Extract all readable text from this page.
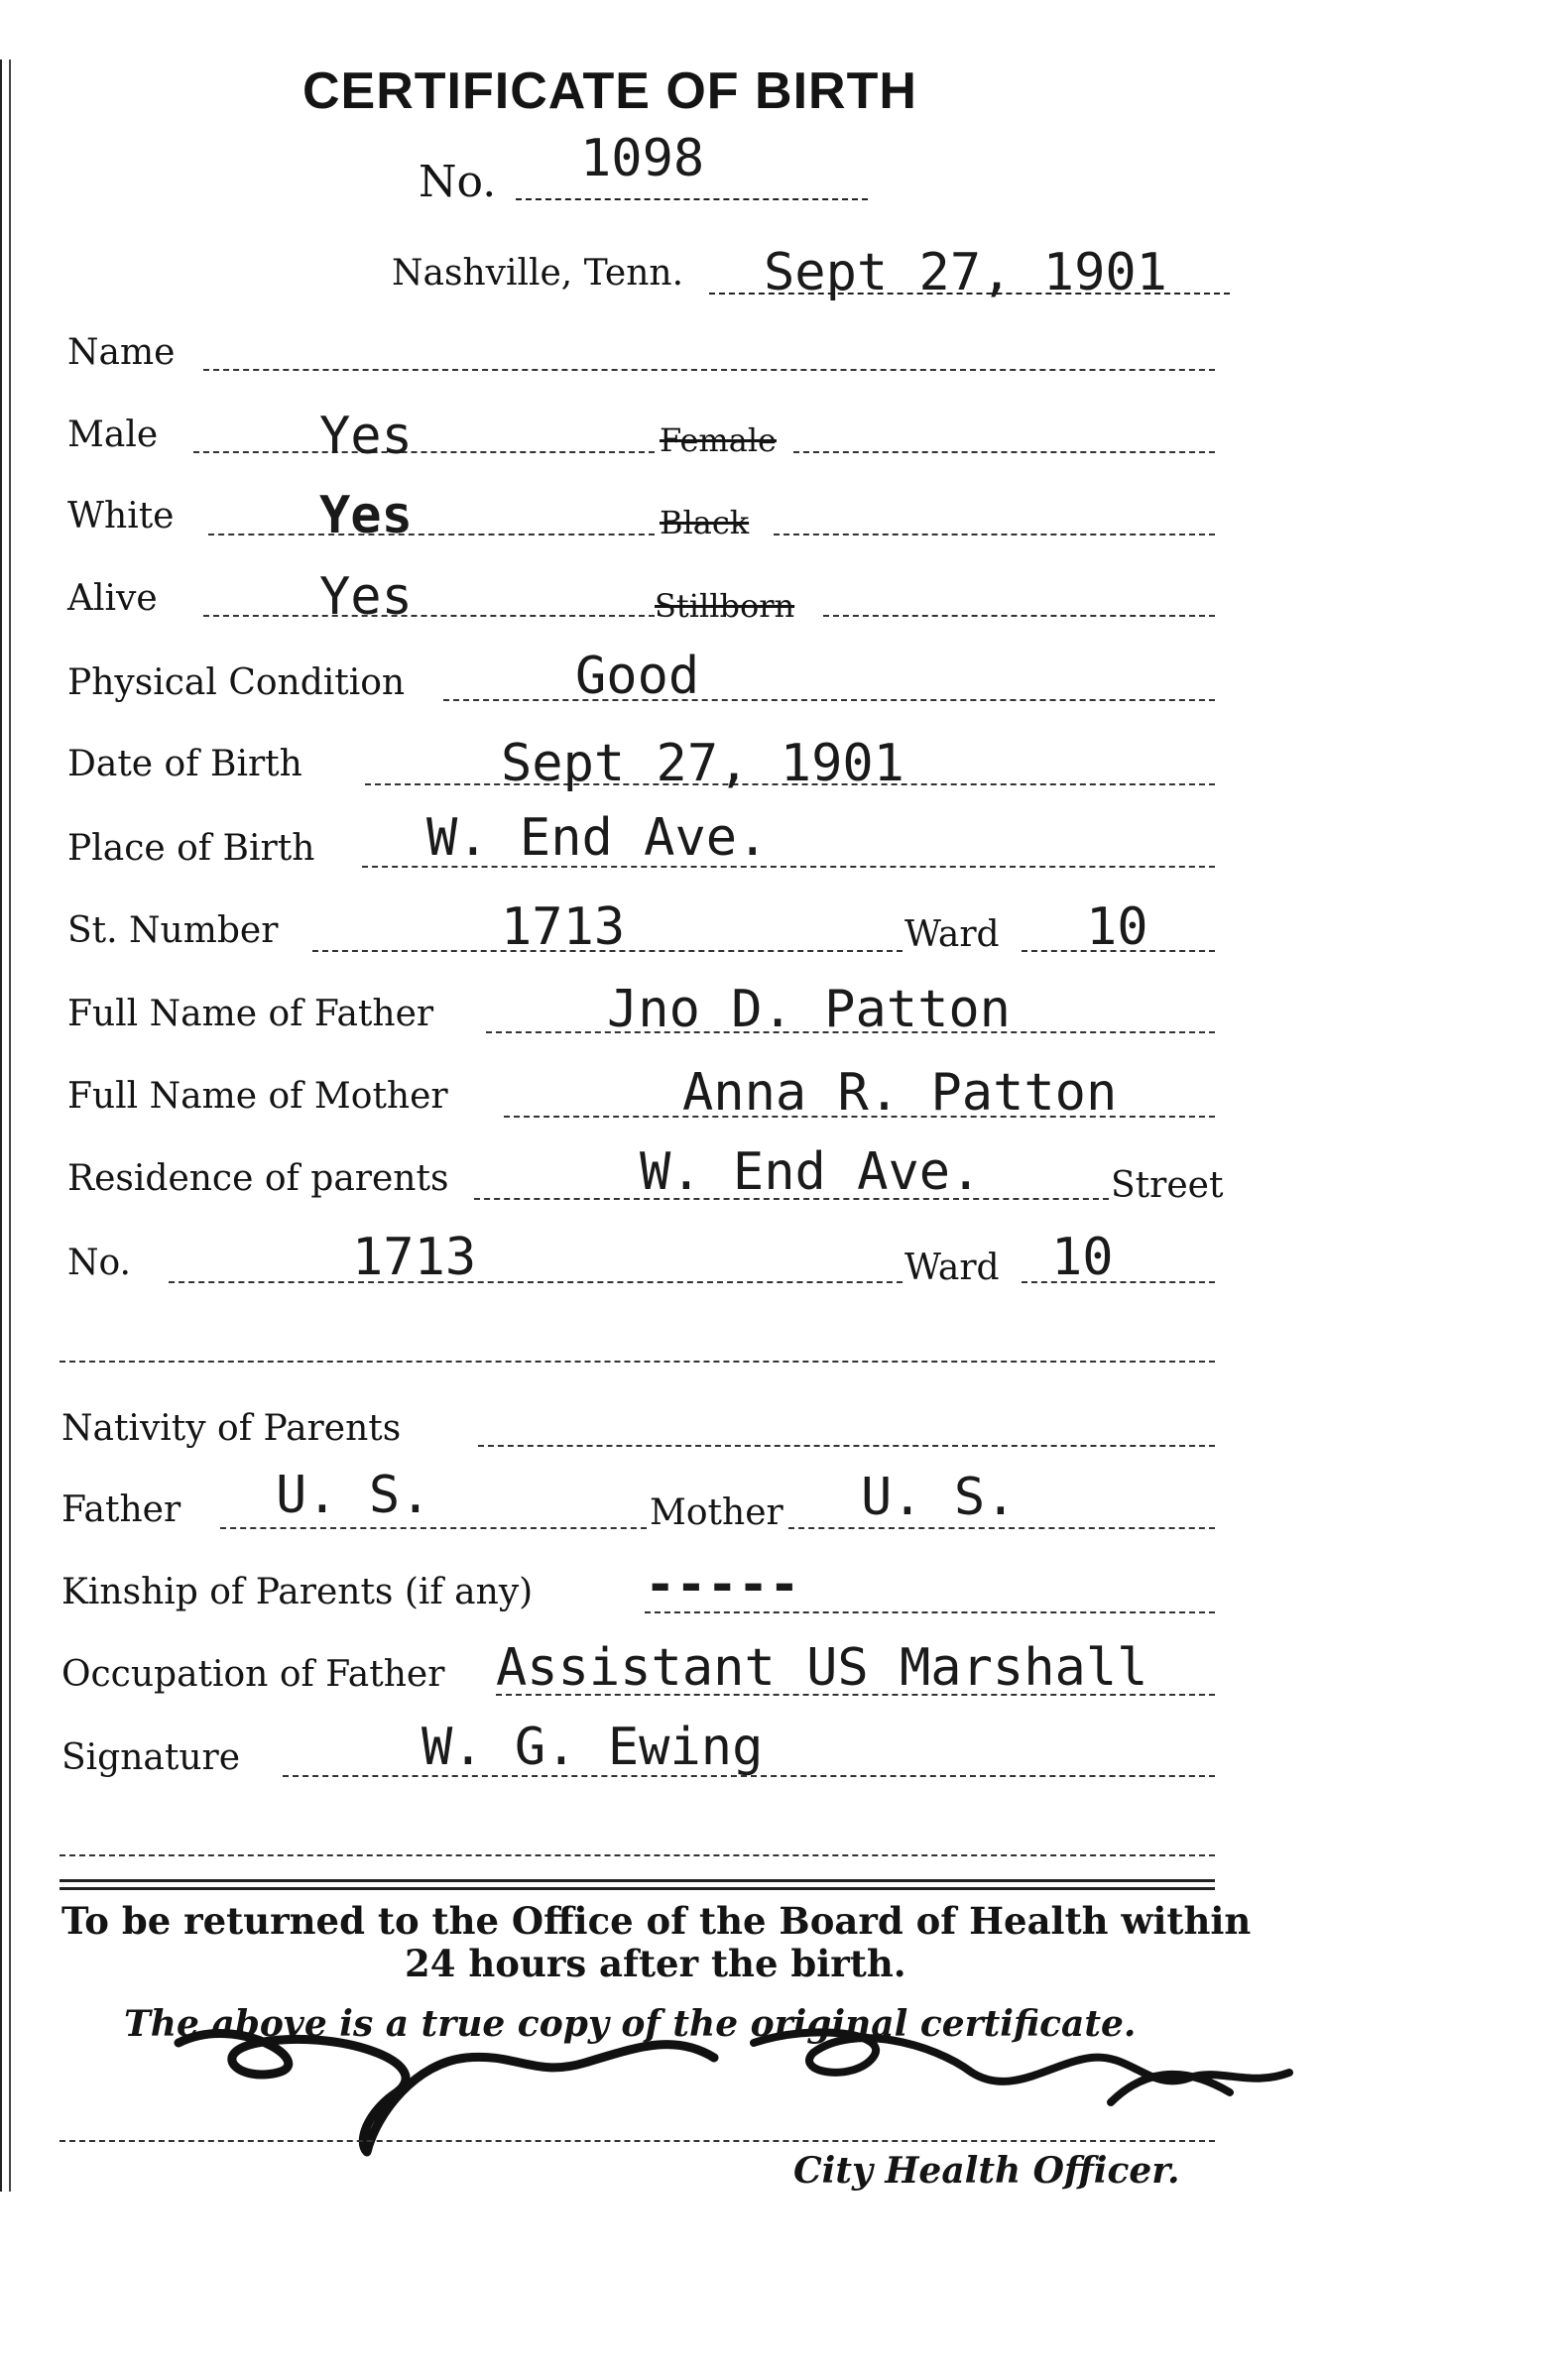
CERTIFICATE OF BIRTH
No. 1098
Nashville, Tenn. Sept 27, 1901
Name
Male	Yes	Female
White	Yes	Black
Alive	Yes	Stillborn
Physical Condition	Good
Date of Birth	Sept 27, 1901
Place of Birth W. End Ave.
St. Number	1713	Ward 10
Full Name of Father	Jno D. Patton
Full Name of Mother	Anna R. Patton
Residence of parents	W. End Ave.	Street
No.	1713	Ward 10
Nativity of Parents
Father U. S.	Mother U. S.
Kinship of Parents (if any) -----
Occupation of Father Assistant US Marshall
Signature	W. G. Ewing
To be returned to the Office of the Board of Health within
24 hours after the birth.
The above is a true copy of the original certificate.
City Health Officer.
